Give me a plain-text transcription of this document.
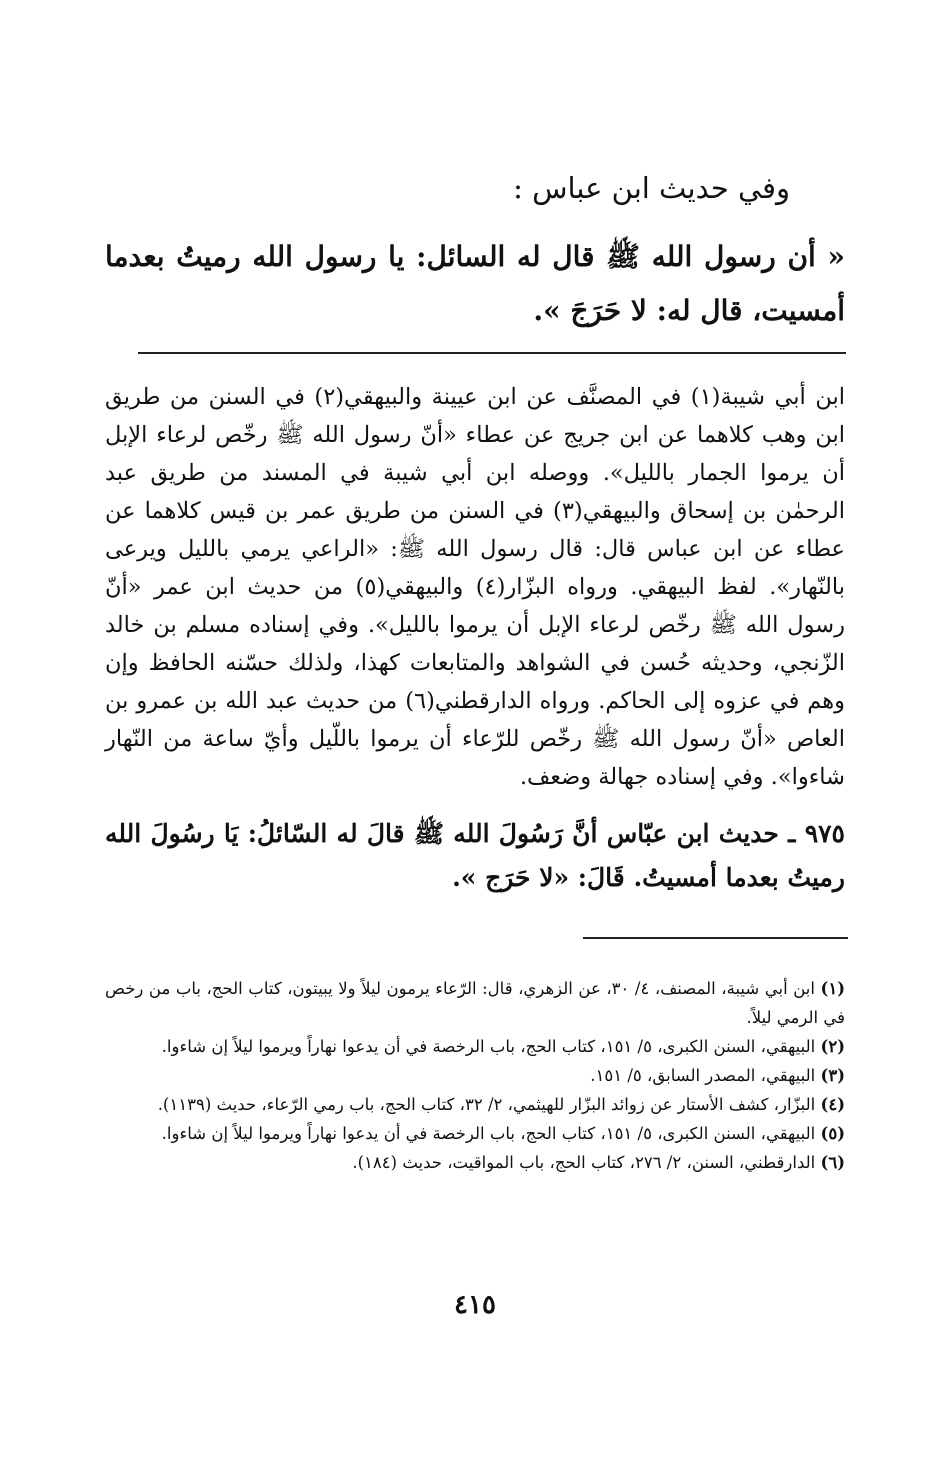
وفي حديث ابن عباس :
« أن رسول الله ﷺ قال له السائل: يا رسول الله رميتُ بعدما أمسيت، قال له: لا حَرَجَ ».

ابن أبي شيبة(١) في المصنَّف عن ابن عيينة والبيهقي(٢) في السنن من طريق ابن وهب كلاهما عن ابن جريج عن عطاء «أنّ رسول الله ﷺ رخّص لرعاء الإبل أن يرموا الجمار بالليل». ووصله ابن أبي شيبة في المسند من طريق عبد الرحمٰن بن إسحاق والبيهقي(٣) في السنن من طريق عمر بن قيس كلاهما عن عطاء عن ابن عباس قال: قال رسول الله ﷺ: «الراعي يرمي بالليل ويرعى بالنّهار». لفظ البيهقي. ورواه البزّار(٤) والبيهقي(٥) من حديث ابن عمر «أنّ رسول الله ﷺ رخّص لرعاء الإبل أن يرموا بالليل». وفي إسناده مسلم بن خالد الزّنجي، وحديثه حُسن في الشواهد والمتابعات كهذا، ولذلك حسّنه الحافظ وإن وهم في عزوه إلى الحاكم. ورواه الدارقطني(٦) من حديث عبد الله بن عمرو بن العاص «أنّ رسول الله ﷺ رخّص للرّعاء أن يرموا باللّيل وأيّ ساعة من النّهار شاءوا». وفي إسناده جهالة وضعف.

٩٧٥ ـ حديث ابن عبّاس أنَّ رَسُولَ الله ﷺ قالَ له السّائلُ: يَا رسُولَ الله رميتُ بعدما أمسيتُ. قَالَ: «لا حَرَج ».

(١) ابن أبي شيبة، المصنف، ٤/ ٣٠، عن الزهري، قال: الرّعاء يرمون ليلاً ولا يبيتون، كتاب الحج، باب من رخص في الرمي ليلاً.

(٢) البيهقي، السنن الكبرى، ٥/ ١٥١، كتاب الحج، باب الرخصة في أن يدعوا نهاراً ويرموا ليلاً إن شاءوا.

(٣) البيهقي، المصدر السابق، ٥/ ١٥١.

(٤) البزّار، كشف الأستار عن زوائد البزّار للهيثمي، ٢/ ٣٢، كتاب الحج، باب رمي الرّعاء، حديث (١١٣٩).

(٥) البيهقي، السنن الكبرى، ٥/ ١٥١، كتاب الحج، باب الرخصة في أن يدعوا نهاراً ويرموا ليلاً إن شاءوا.

(٦) الدارقطني، السنن، ٢/ ٢٧٦، كتاب الحج، باب المواقيت، حديث (١٨٤).

٤١٥
